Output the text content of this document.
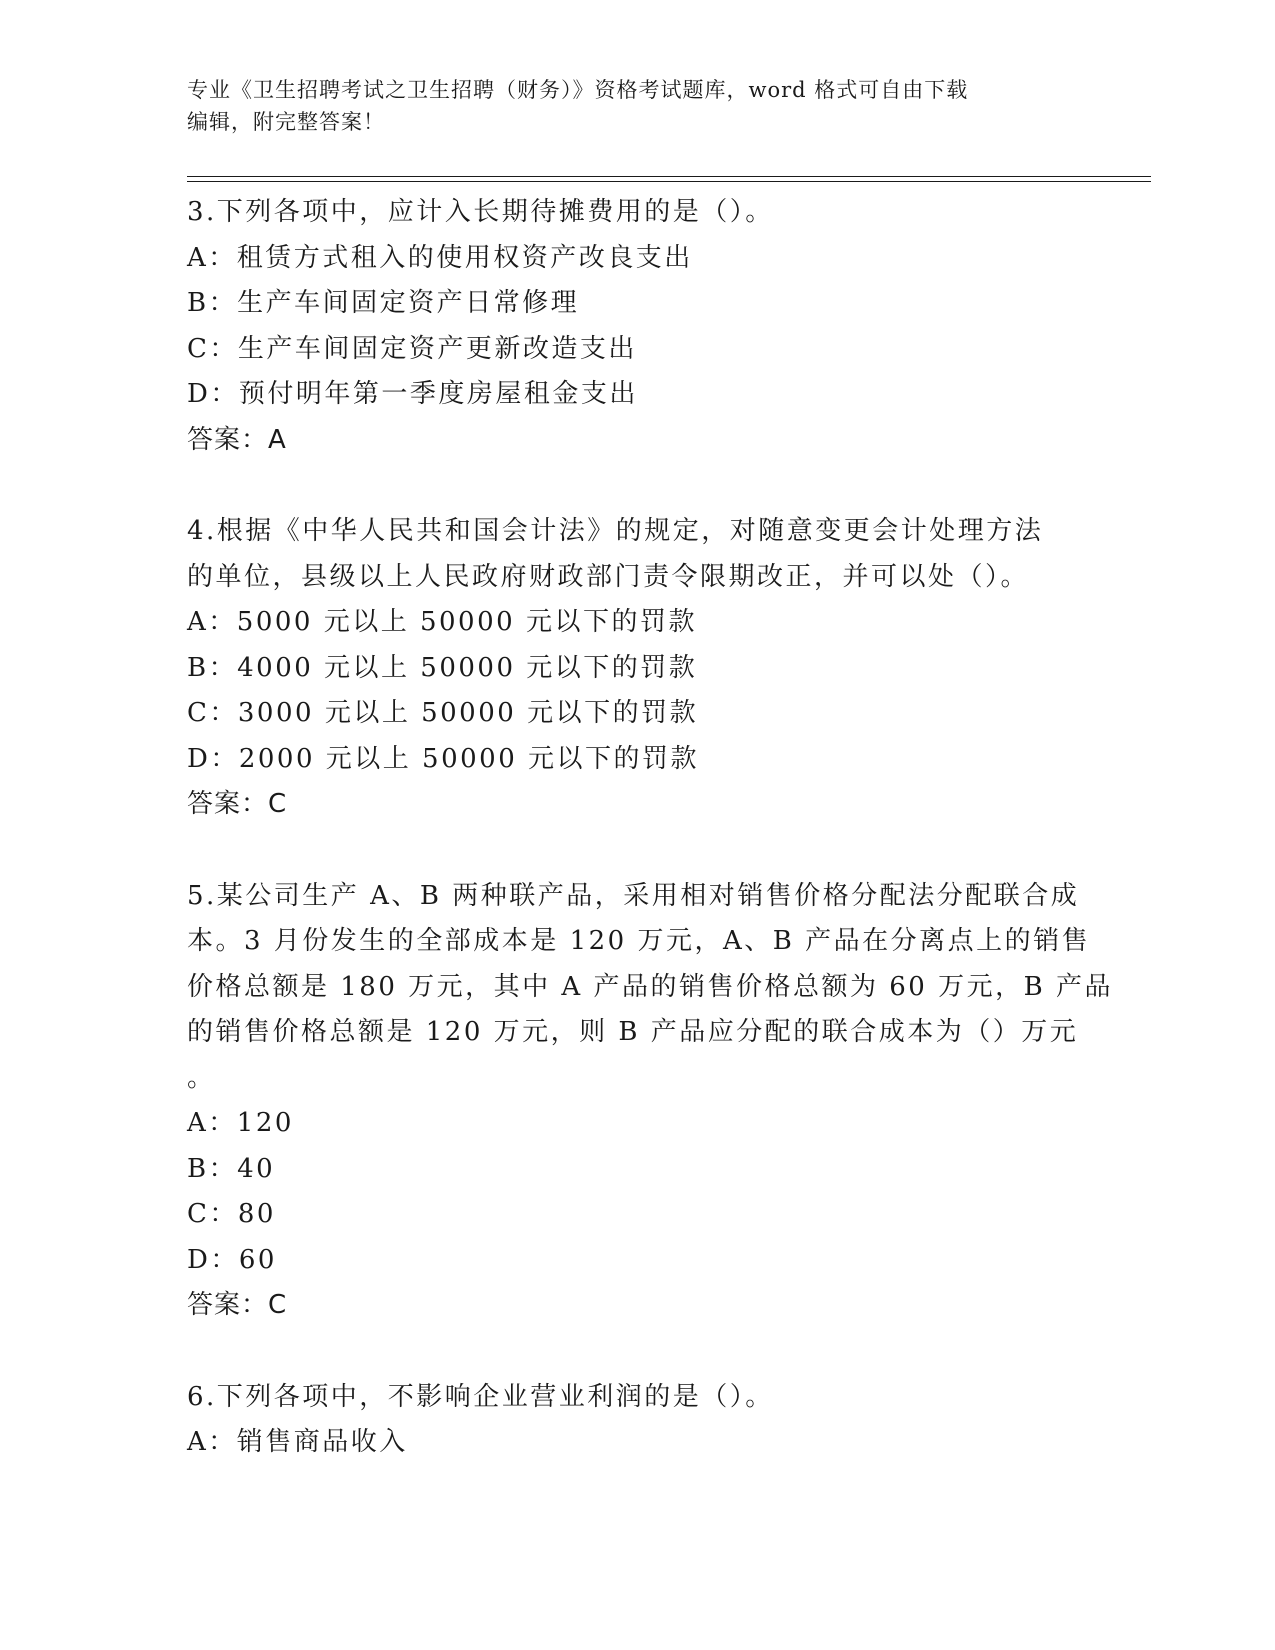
专业《卫生招聘考试之卫生招聘（财务）》资格考试题库，word 格式可自由下载
编辑，附完整答案！
3.下列各项中，应计入长期待摊费用的是（）。
A：租赁方式租入的使用权资产改良支出
B：生产车间固定资产日常修理
C：生产车间固定资产更新改造支出
D：预付明年第一季度房屋租金支出
答案：A
4.根据《中华人民共和国会计法》的规定，对随意变更会计处理方法
的单位，县级以上人民政府财政部门责令限期改正，并可以处（）。
A：5000 元以上 50000 元以下的罚款
B：4000 元以上 50000 元以下的罚款
C：3000 元以上 50000 元以下的罚款
D：2000 元以上 50000 元以下的罚款
答案：C
5.某公司生产 A、B 两种联产品，采用相对销售价格分配法分配联合成
本。3 月份发生的全部成本是 120 万元，A、B 产品在分离点上的销售
价格总额是 180 万元，其中 A 产品的销售价格总额为 60 万元，B 产品
的销售价格总额是 120 万元，则 B 产品应分配的联合成本为（）万元
。
A：120
B：40
C：80
D：60
答案：C
6.下列各项中，不影响企业营业利润的是（）。
A：销售商品收入
